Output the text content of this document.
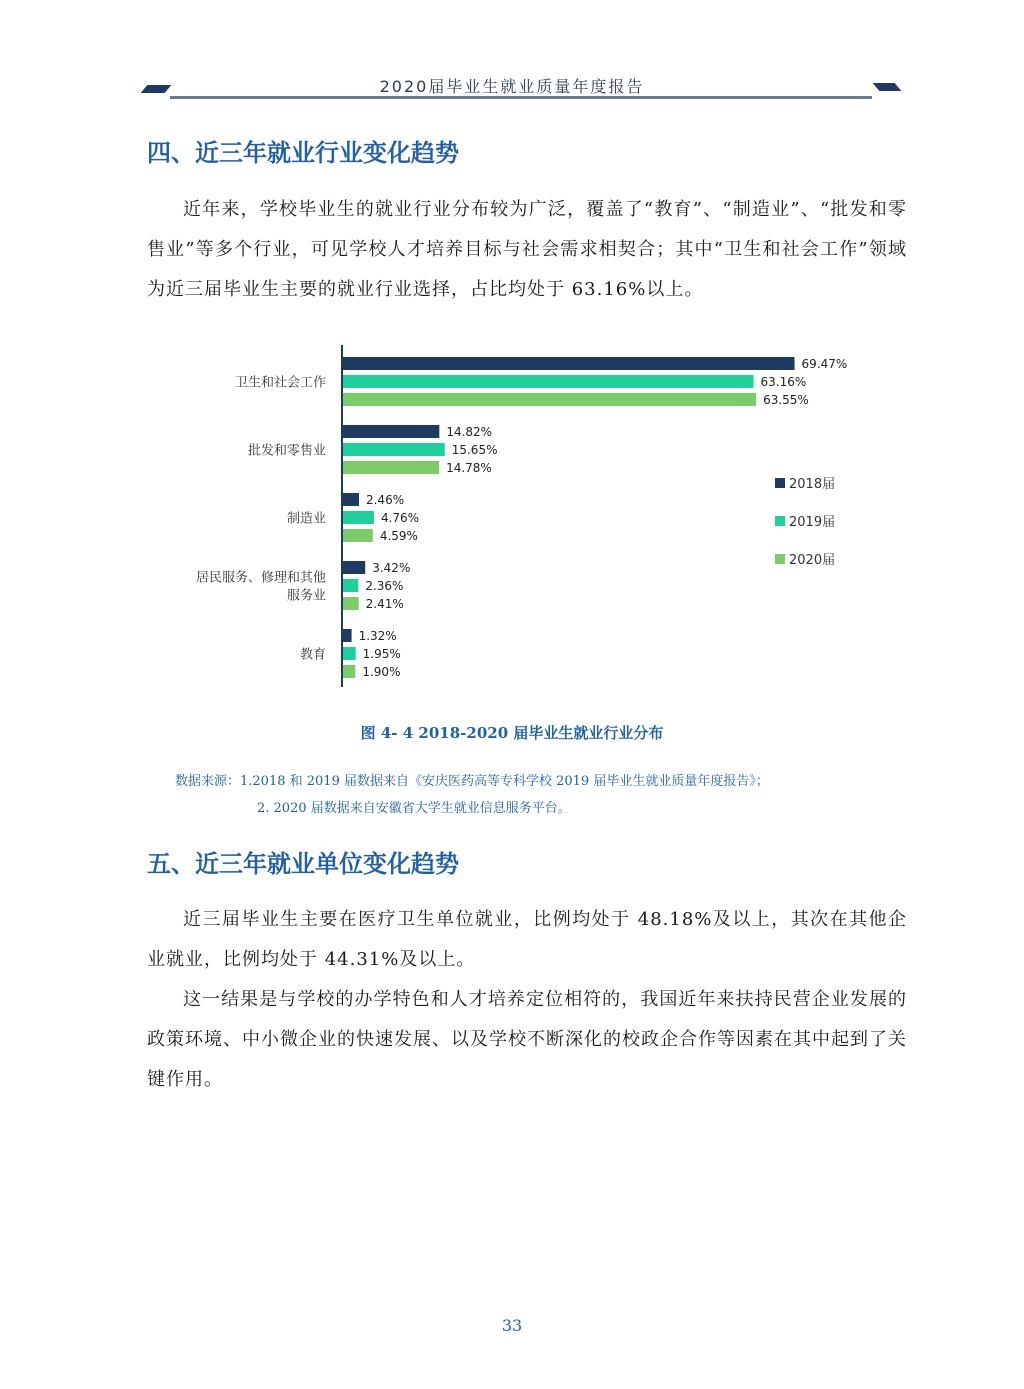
2020届毕业生就业质量年度报告
四、近三年就业行业变化趋势

近年来，学校毕业生的就业行业分布较为广泛，覆盖了“教育”、“制造业”、“批发和零售业”等多个行业，可见学校人才培养目标与社会需求相契合；其中“卫生和社会工作”领域为近三届毕业生主要的就业行业选择，占比均处于 63.16%以上。

卫生和社会工作
69.47%
63.16%
63.55%
批发和零售业
14.82%
15.65%
14.78%
制造业
2.46%
4.76%
4.59%
居民服务、修理和其他
服务业
3.42%
2.36%
2.41%
教育
1.32%
1.95%
1.90%
2018届
2019届
2020届
图 4- 4 2018-2020 届毕业生就业行业分布
数据来源：1.2018 和 2019 届数据来自《安庆医药高等专科学校 2019 届毕业生就业质量年度报告》；
2. 2020 届数据来自安徽省大学生就业信息服务平台。
五、近三年就业单位变化趋势

近三届毕业生主要在医疗卫生单位就业，比例均处于 48.18%及以上，其次在其他企业就业，比例均处于 44.31%及以上。

这一结果是与学校的办学特色和人才培养定位相符的，我国近年来扶持民营企业发展的政策环境、中小微企业的快速发展、以及学校不断深化的校政企合作等因素在其中起到了关键作用。

33
